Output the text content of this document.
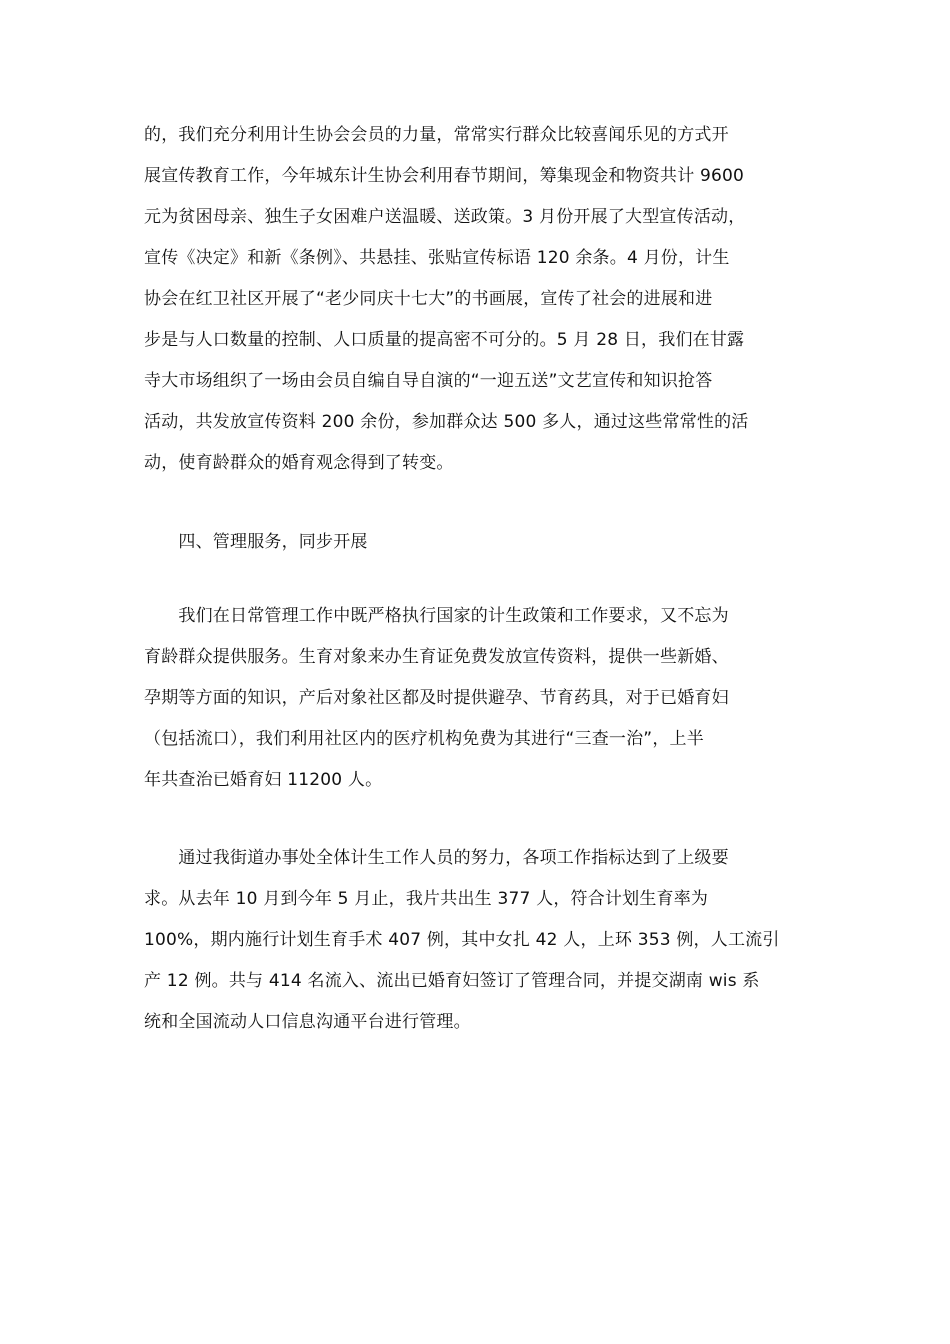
的，我们充分利用计生协会会员的力量，常常实行群众比较喜闻乐见的方式开
展宣传教育工作，今年城东计生协会利用春节期间，筹集现金和物资共计 9600
元为贫困母亲、独生子女困难户送温暖、送政策。3 月份开展了大型宣传活动，
宣传《决定》和新《条例》、共悬挂、张贴宣传标语 120 余条。4 月份，计生
协会在红卫社区开展了“老少同庆十七大”的书画展，宣传了社会的进展和进
步是与人口数量的控制、人口质量的提高密不可分的。5 月 28 日，我们在甘露
寺大市场组织了一场由会员自编自导自演的“一迎五送”文艺宣传和知识抢答
活动，共发放宣传资料 200 余份，参加群众达 500 多人，通过这些常常性的活
动，使育龄群众的婚育观念得到了转变。
　　四、管理服务，同步开展
　　我们在日常管理工作中既严格执行国家的计生政策和工作要求，又不忘为
育龄群众提供服务。生育对象来办生育证免费发放宣传资料，提供一些新婚、
孕期等方面的知识，产后对象社区都及时提供避孕、节育药具，对于已婚育妇
（包括流口），我们利用社区内的医疗机构免费为其进行“三查一治”，上半
年共查治已婚育妇 11200 人。
　　通过我街道办事处全体计生工作人员的努力，各项工作指标达到了上级要
求。从去年 10 月到今年 5 月止，我片共出生 377 人，符合计划生育率为
100%，期内施行计划生育手术 407 例，其中女扎 42 人，上环 353 例，人工流引
产 12 例。共与 414 名流入、流出已婚育妇签订了管理合同，并提交湖南 wis 系
统和全国流动人口信息沟通平台进行管理。
